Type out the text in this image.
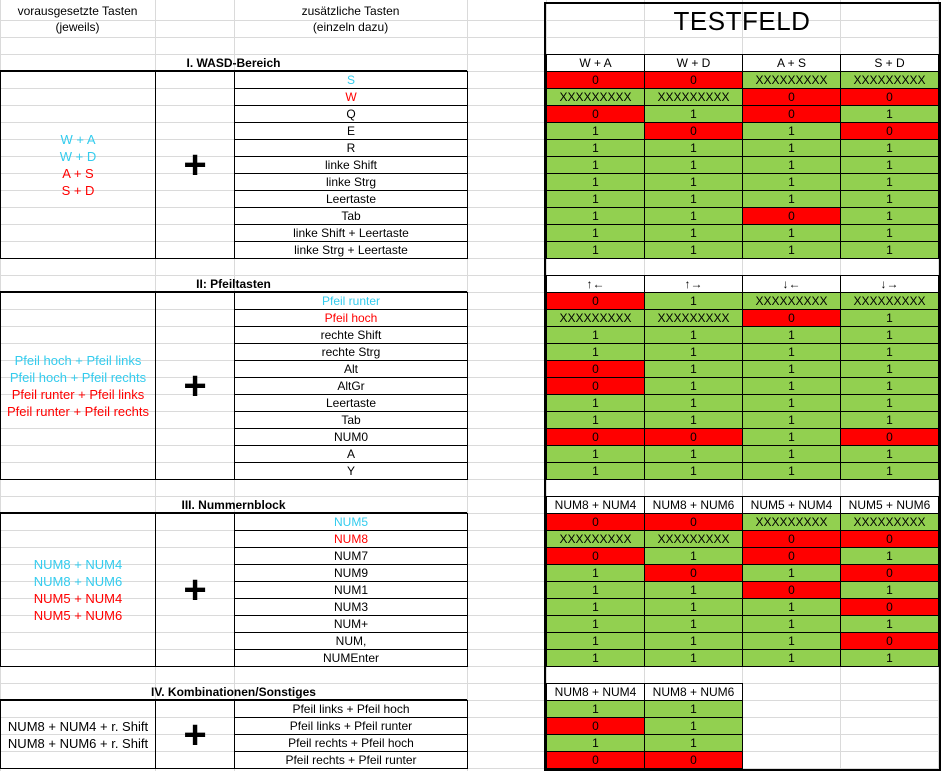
vorausgesetzte Tasten
(jeweils)
zusätzliche Tasten
(einzeln dazu)	TESTFELD
I. WASD-Bereich	W + A	W + D	A + S	S + D
W + A
W + D
A + S
S + D
+
S	0	0	XXXXXXXXX	XXXXXXXXX
W	XXXXXXXXX	XXXXXXXXX	0	0
Q	0	1	0	1
E	1	0	1	0
R	1	1	1	1
linke Shift	1	1	1	1
linke Strg	1	1	1	1
Leertaste	1	1	1	1
Tab	1	1	0	1
linke Shift + Leertaste	1	1	1	1
linke Strg + Leertaste	1	1	1	1
II: Pfeiltasten	↑←	↑→	↓←	↓→
Pfeil hoch + Pfeil links
Pfeil hoch + Pfeil rechts
Pfeil runter + Pfeil links
Pfeil runter + Pfeil rechts
+
Pfeil runter	0	1	XXXXXXXXX	XXXXXXXXX
Pfeil hoch	XXXXXXXXX	XXXXXXXXX	0	1
rechte Shift	1	1	1	1
rechte Strg	1	1	1	1
Alt	0	1	1	1
AltGr	0	1	1	1
Leertaste	1	1	1	1
Tab	1	1	1	1
NUM0	0	0	1	0
A	1	1	1	1
Y	1	1	1	1
III. Nummernblock	NUM8 + NUM4	NUM8 + NUM6	NUM5 + NUM4	NUM5 + NUM6
NUM8 + NUM4
NUM8 + NUM6
NUM5 + NUM4
NUM5 + NUM6
+
NUM5	0	0	XXXXXXXXX	XXXXXXXXX
NUM8	XXXXXXXXX	XXXXXXXXX	0	0
NUM7	0	1	0	1
NUM9	1	0	1	0
NUM1	1	1	0	1
NUM3	1	1	1	0
NUM+	1	1	1	1
NUM,	1	1	1	0
NUMEnter	1	1	1	1
IV. Kombinationen/Sonstiges	NUM8 + NUM4	NUM8 + NUM6
NUM8 + NUM4 + r. Shift
NUM8 + NUM6 + r. Shift +
Pfeil links + Pfeil hoch	1	1
Pfeil links + Pfeil runter	0	1
Pfeil rechts + Pfeil hoch	1	1
Pfeil rechts + Pfeil runter	0	0
